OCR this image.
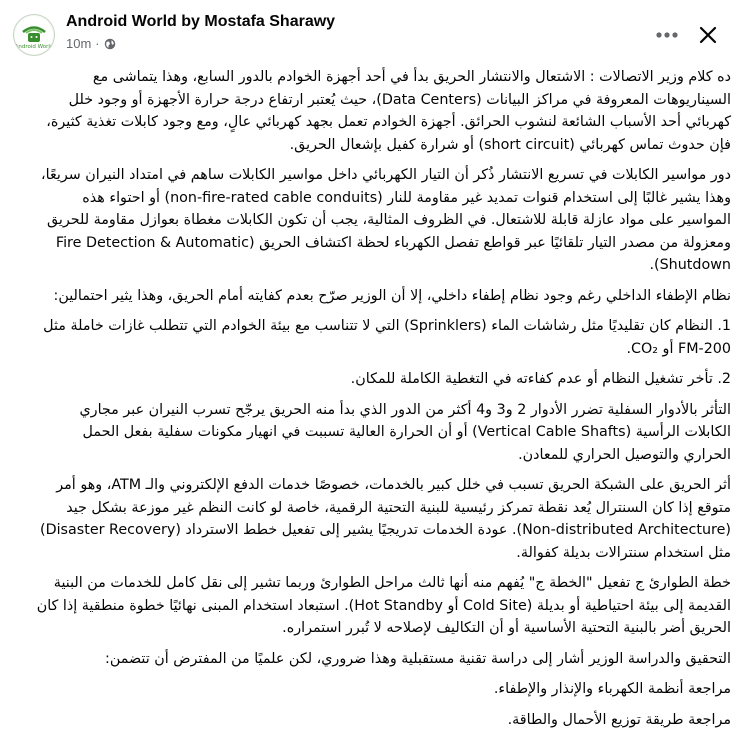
Android World
Android World by Mostafa Sharawy
10m ·

ده كلام وزير الاتصالات : الاشتعال والانتشار الحريق بدأ في أحد أجهزة الخوادم بالدور السابع، وهذا يتماشى مع السيناريوهات المعروفة في مراكز البيانات (Data Centers)، حيث يُعتبر ارتفاع درجة حرارة الأجهزة أو وجود خلل كهربائي أحد الأسباب الشائعة لنشوب الحرائق. أجهزة الخوادم تعمل بجهد كهربائي عالٍ، ومع وجود كابلات تغذية كثيرة، فإن حدوث تماس كهربائي (short circuit) أو شرارة كفيل بإشعال الحريق.

دور مواسير الكابلات في تسريع الانتشار ذُكر أن التيار الكهربائي داخل مواسير الكابلات ساهم في امتداد النيران سريعًا، وهذا يشير غالبًا إلى استخدام قنوات تمديد غير مقاومة للنار (non-fire-rated cable conduits) أو احتواء هذه المواسير على مواد عازلة قابلة للاشتعال. في الظروف المثالية، يجب أن تكون الكابلات مغطاة بعوازل مقاومة للحريق ومعزولة من مصدر التيار تلقائيًا عبر قواطع تفصل الكهرباء لحظة اكتشاف الحريق (Fire Detection & Automatic Shutdown).

نظام الإطفاء الداخلي رغم وجود نظام إطفاء داخلي، إلا أن الوزير صرّح بعدم كفايته أمام الحريق، وهذا يثير احتمالين:

1. النظام كان تقليديًا مثل رشاشات الماء (Sprinklers) التي لا تتناسب مع بيئة الخوادم التي تتطلب غازات خاملة مثل FM-200 أو CO₂.

2. تأخر تشغيل النظام أو عدم كفاءته في التغطية الكاملة للمكان.

التأثر بالأدوار السفلية تضرر الأدوار 2 و3 و4 أكثر من الدور الذي بدأ منه الحريق يرجّح تسرب النيران عبر مجاري الكابلات الرأسية (Vertical Cable Shafts) أو أن الحرارة العالية تسببت في انهيار مكونات سفلية بفعل الحمل الحراري والتوصيل الحراري للمعادن.

أثر الحريق على الشبكة الحريق تسبب في خلل كبير بالخدمات، خصوصًا خدمات الدفع الإلكتروني والـ ATM، وهو أمر متوقع إذا كان السنترال يُعد نقطة تمركز رئيسية للبنية التحتية الرقمية، خاصة لو كانت النظم غير موزعة بشكل جيد (Non-distributed Architecture). عودة الخدمات تدريجيًا يشير إلى تفعيل خطط الاسترداد (Disaster Recovery) مثل استخدام سنترالات بديلة كفوالة.

خطة الطوارئ ج تفعيل "الخطة ج" يُفهم منه أنها ثالث مراحل الطوارئ وربما تشير إلى نقل كامل للخدمات من البنية القديمة إلى بيئة احتياطية أو بديلة (Cold Site أو Hot Standby). استبعاد استخدام المبنى نهائيًا خطوة منطقية إذا كان الحريق أضر بالبنية التحتية الأساسية أو أن التكاليف لإصلاحه لا تُبرر استمراره.

التحقيق والدراسة الوزير أشار إلى دراسة تقنية مستقبلية وهذا ضروري، لكن علميًا من المفترض أن تتضمن:

مراجعة أنظمة الكهرباء والإنذار والإطفاء.

مراجعة طريقة توزيع الأحمال والطاقة.
